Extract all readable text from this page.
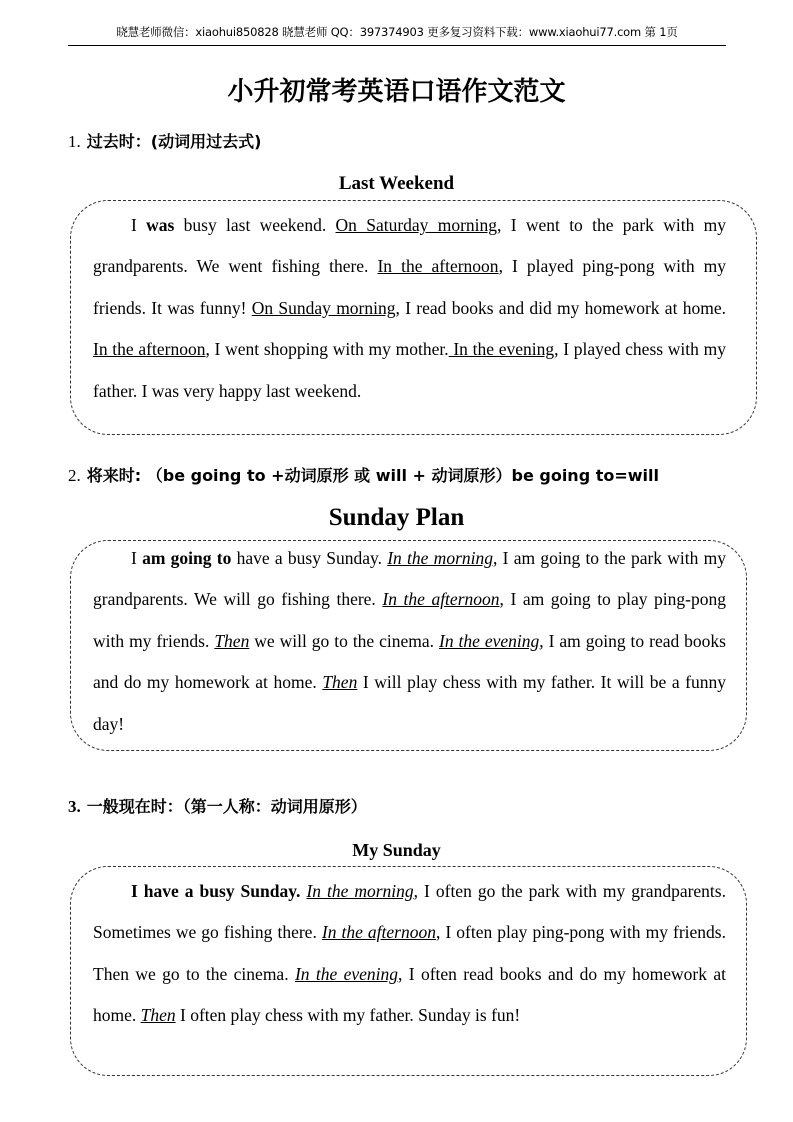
晓慧老师微信：xiaohui850828 晓慧老师 QQ：397374903 更多复习资料下载：www.xiaohui77.com 第 1页
小升初常考英语口语作文范文
1. 过去时：(动词用过去式)
Last Weekend
I was busy last weekend. On Saturday morning, I went to the park with my grandparents. We went fishing there. In the afternoon, I played ping-pong with my friends. It was funny! On Sunday morning, I read books and did my homework at home. In the afternoon, I went shopping with my mother. In the evening, I played chess with my father. I was very happy last weekend.
2. 将来时: （be going to +动词原形 或 will + 动词原形）be going to=will
Sunday Plan
I am going to have a busy Sunday. In the morning, I am going to the park with my grandparents. We will go fishing there. In the afternoon, I am going to play ping-pong with my friends. Then we will go to the cinema. In the evening, I am going to read books and do my homework at home. Then I will play chess with my father. It will be a funny day!
3. 一般现在时：（第一人称：动词用原形）
My Sunday
I have a busy Sunday. In the morning, I often go the park with my grandparents. Sometimes we go fishing there. In the afternoon, I often play ping-pong with my friends. Then we go to the cinema. In the evening, I often read books and do my homework at home. Then I often play chess with my father. Sunday is fun!
